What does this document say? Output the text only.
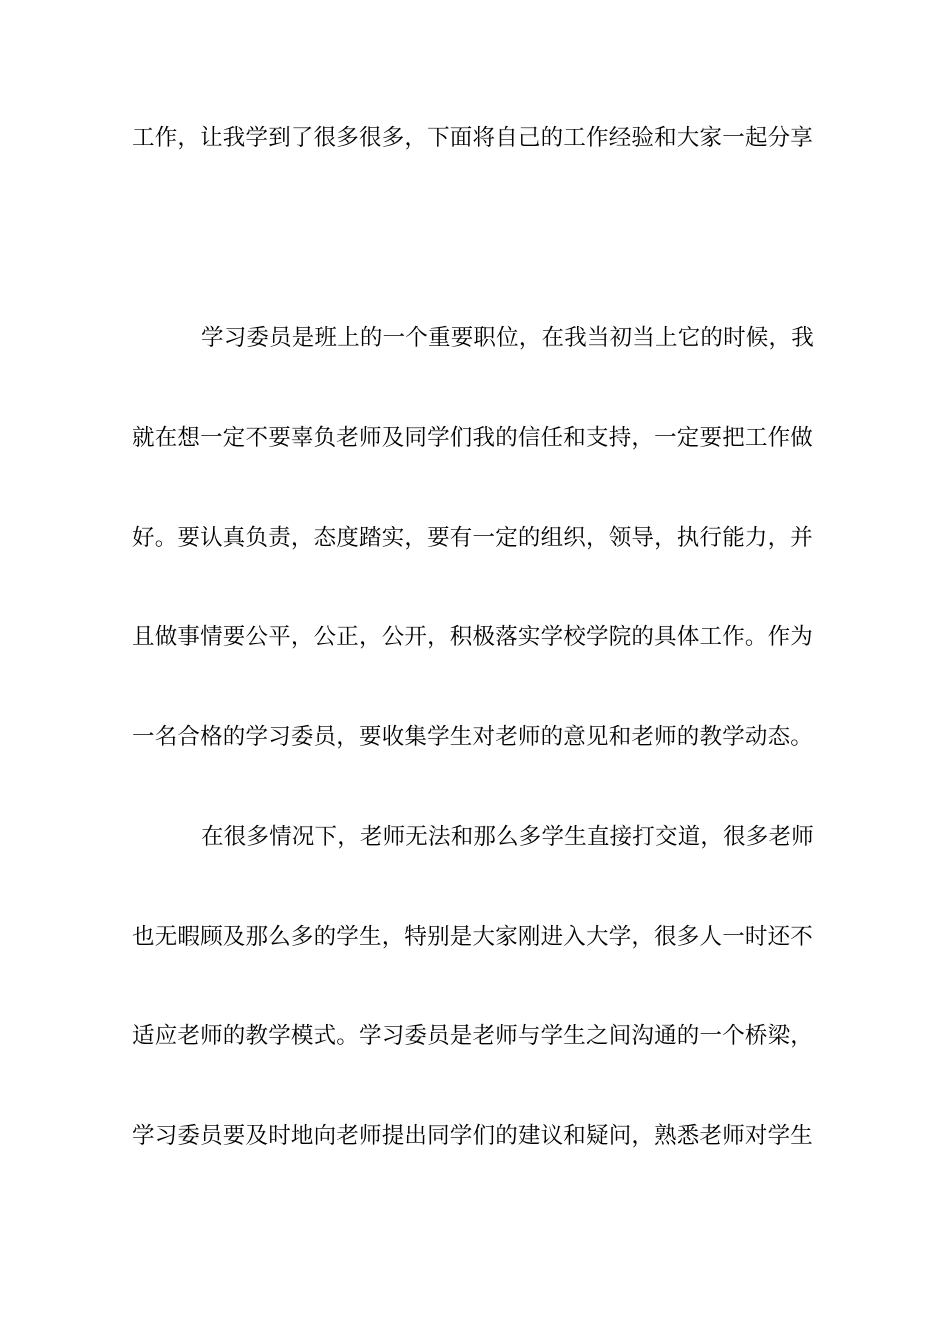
工作，让我学到了很多很多，下面将自己的工作经验和大家一起分享
学习委员是班上的一个重要职位，在我当初当上它的时候，我
就在想一定不要辜负老师及同学们我的信任和支持，一定要把工作做
好。要认真负责，态度踏实，要有一定的组织，领导，执行能力，并
且做事情要公平，公正，公开，积极落实学校学院的具体工作。作为
一名合格的学习委员，要收集学生对老师的意见和老师的教学动态。
在很多情况下，老师无法和那么多学生直接打交道，很多老师
也无暇顾及那么多的学生，特别是大家刚进入大学，很多人一时还不
适应老师的教学模式。学习委员是老师与学生之间沟通的一个桥梁，
学习委员要及时地向老师提出同学们的建议和疑问，熟悉老师对学生
